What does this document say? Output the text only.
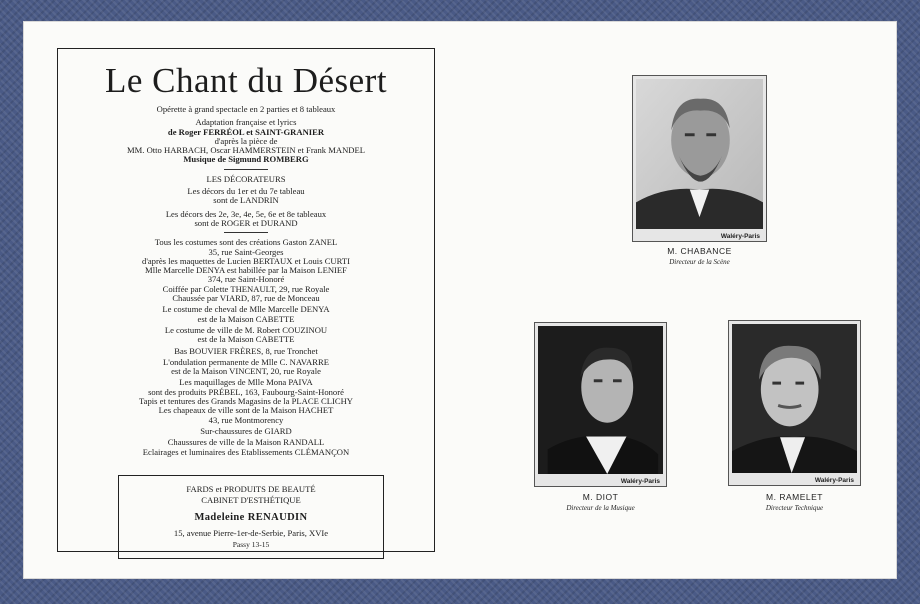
Le Chant du Désert
Opérette à grand spectacle en 2 parties et 8 tableaux
Adaptation française et lyrics
de Roger FERRÉOL et SAINT-GRANIER
d'après la pièce de
MM. Otto HARBACH, Oscar HAMMERSTEIN et Frank MANDEL
Musique de Sigmund ROMBERG
LES DÉCORATEURS
Les décors du 1er et du 7e tableau
sont de LANDRIN
Les décors des 2e, 3e, 4e, 5e, 6e et 8e tableaux
sont de ROGER et DURAND
Tous les costumes sont des créations Gaston ZANEL
35, rue Saint-Georges
d'après les maquettes de Lucien BERTAUX et Louis CURTI
Mlle Marcelle DENYA est habillée par la Maison LENIEF
374, rue Saint-Honoré
Coiffée par Colette THENAULT, 29, rue Royale
Chaussée par VIARD, 87, rue de Monceau
Le costume de cheval de Mlle Marcelle DENYA
est de la Maison CABETTE
Le costume de ville de M. Robert COUZINOU
est de la Maison CABETTE
Bas BOUVIER FRÈRES, 8, rue Tronchet
L'ondulation permanente de Mlle C. NAVARRE
est de la Maison VINCENT, 20, rue Royale
Les maquillages de Mlle Mona PAIVA
sont des produits PRÉBEL, 163, Faubourg-Saint-Honoré
Tapis et tentures des Grands Magasins de la PLACE CLICHY
Les chapeaux de ville sont de la Maison HACHET
43, rue Montmorency
Sur-chaussures de GIARD
Chaussures de ville de la Maison RANDALL
Eclairages et luminaires des Etablissements CLÉMANÇON
FARDS et PRODUITS DE BEAUTÉ
CABINET D'ESTHÉTIQUE
Madeleine RENAUDIN
15, avenue Pierre-1er-de-Serbie, Paris, XVIe
Passy 13-15
Waléry-Paris
M. CHABANCE
Directeur de la Scène
Waléry-Paris
M. DIOT
Directeur de la Musique
Waléry-Paris
M. RAMELET
Directeur Technique
